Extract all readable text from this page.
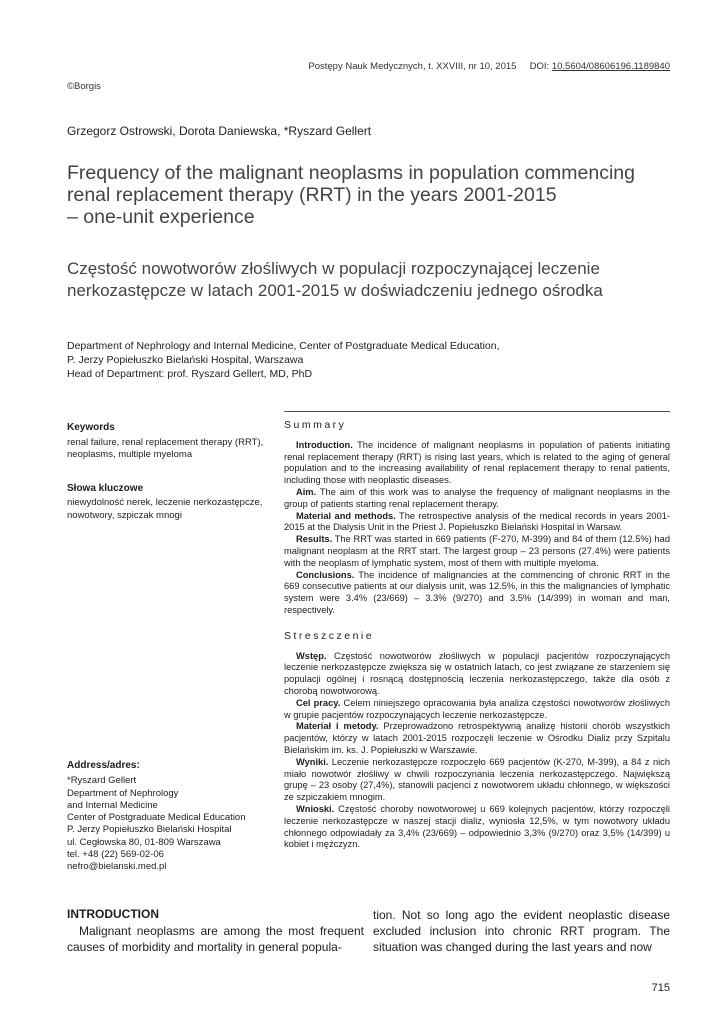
Postępy Nauk Medycznych, t. XXVIII, nr 10, 2015 DOI: 10.5604/08606196.1189840
©Borgis
Grzegorz Ostrowski, Dorota Daniewska, *Ryszard Gellert
Frequency of the malignant neoplasms in population commencing
renal replacement therapy (RRT) in the years 2001-2015
– one-unit experience
Częstość nowotworów złośliwych w populacji rozpoczynającej leczenie
nerkozastępcze w latach 2001-2015 w doświadczeniu jednego ośrodka
Department of Nephrology and Internal Medicine, Center of Postgraduate Medical Education,
P. Jerzy Popiełuszko Bielański Hospital, Warszawa
Head of Department: prof. Ryszard Gellert, MD, PhD
Keywords
renal failure, renal replacement therapy (RRT), neoplasms, multiple myeloma
Słowa kluczowe
niewydolność nerek, leczenie nerkozastępcze, nowotwory, szpiczak mnogi
Address/adres:
*Ryszard Gellert
Department of Nephrology
and Internal Medicine
Center of Postgraduate Medical Education
P. Jerzy Popiełuszko Bielański Hospital
ul. Cegłowska 80, 01-809 Warszawa
tel. +48 (22) 569-02-06
nefro@bielanski.med.pl
Summary

Introduction. The incidence of malignant neoplasms in population of patients initiating renal replacement therapy (RRT) is rising last years, which is related to the aging of general population and to the increasing availability of renal replacement therapy to renal patients, including those with neoplastic diseases.

Aim. The aim of this work was to analyse the frequency of malignant neoplasms in the group of patients starting renal replacement therapy.

Material and methods. The retrospective analysis of the medical records in years 2001-2015 at the Dialysis Unit in the Priest J. Popiełuszko Bielański Hospital in Warsaw.

Results. The RRT was started in 669 patients (F-270, M-399) and 84 of them (12.5%) had malignant neoplasm at the RRT start. The largest group – 23 persons (27.4%) were patients with the neoplasm of lymphatic system, most of them with multiple myeloma.

Conclusions. The incidence of malignancies at the commencing of chronic RRT in the 669 consecutive patients at our dialysis unit, was 12.5%, in this the malignancies of lymphatic system were 3.4% (23/669) – 3.3% (9/270) and 3.5% (14/399) in woman and man, respectively.

Streszczenie

Wstęp. Częstość nowotworów złośliwych w populacji pacjentów rozpoczynających leczenie nerkozastępcze zwiększa się w ostatnich latach, co jest związane ze starzeniem się populacji ogólnej i rosnącą dostępnością leczenia nerkozastępczego, także dla osób z chorobą nowotworową.

Cel pracy. Celem niniejszego opracowania była analiza częstości nowotworów złośliwych w grupie pacjentów rozpoczynających leczenie nerkozastępcze.

Materiał i metody. Przeprowadzono retrospektywną analizę historii chorób wszystkich pacjentów, którzy w latach 2001-2015 rozpoczęli leczenie w Ośrodku Dializ przy Szpitalu Bielańskim im. ks. J. Popiełuszki w Warszawie.

Wyniki. Leczenie nerkozastępcze rozpoczęło 669 pacjentów (K-270, M-399), a 84 z nich miało nowotwór złośliwy w chwili rozpoczynania leczenia nerkozastępczego. Największą grupę – 23 osoby (27,4%), stanowili pacjenci z nowotworem układu chłonnego, w większości ze szpiczakiem mnogim.

Wnioski. Częstość choroby nowotworowej u 669 kolejnych pacjentów, którzy rozpoczęli leczenie nerkozastępcze w naszej stacji dializ, wyniosła 12,5%, w tym nowotwory układu chłonnego odpowiadały za 3,4% (23/669) – odpowiednio 3,3% (9/270) oraz 3,5% (14/399) u kobiet i mężczyzn.

INTRODUCTION

Malignant neoplasms are among the most frequent causes of morbidity and mortality in general popula-

tion. Not so long ago the evident neoplastic disease excluded inclusion into chronic RRT program. The situation was changed during the last years and now

715
